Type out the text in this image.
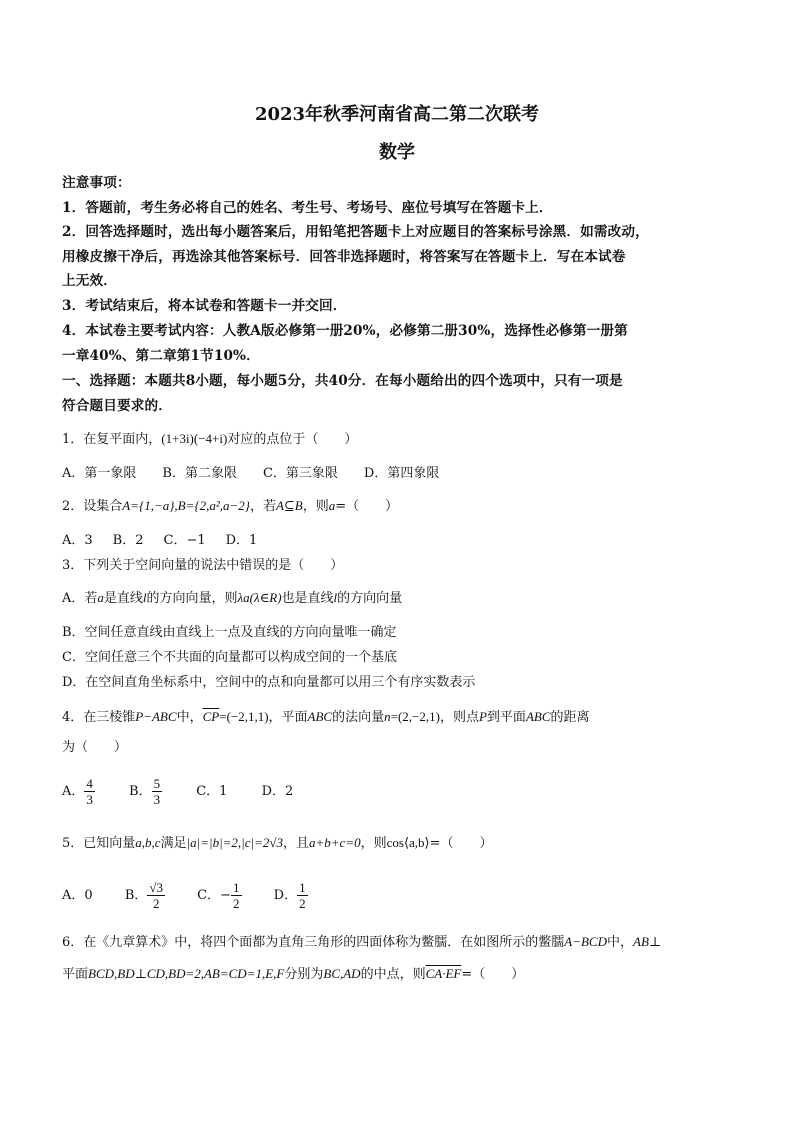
2023年秋季河南省高二第二次联考
数学
注意事项：
1．答题前，考生务必将自己的姓名、考生号、考场号、座位号填写在答题卡上．
2．回答选择题时，选出每小题答案后，用铅笔把答题卡上对应题目的答案标号涂黑．如需改动，
用橡皮擦干净后，再选涂其他答案标号．回答非选择题时，将答案写在答题卡上．写在本试卷
上无效．
3．考试结束后，将本试卷和答题卡一并交回．
4．本试卷主要考试内容：人教A版必修第一册20%，必修第二册30%，选择性必修第一册第
一章40%、第二章第1节10%．
一、选择题：本题共8小题，每小题5分，共40分．在每小题给出的四个选项中，只有一项是
符合题目要求的．
1．在复平面内，(1+3i)(−4+i)对应的点位于（　　）
A．第一象限 B．第二象限 C．第三象限 D．第四象限
2．设集合A={1,−a},B={2,a²,a−2}，若A⊆B，则a=（　　）
A．3 B．2 C．−1 D．1
3．下列关于空间向量的说法中错误的是（　　）
A．若a是直线l的方向向量，则λa(λ∈R)也是直线l的方向向量
B．空间任意直线由直线上一点及直线的方向向量唯一确定
C．空间任意三个不共面的向量都可以构成空间的一个基底
D．在空间直角坐标系中，空间中的点和向量都可以用三个有序实数表示
4．在三棱锥P−ABC中，$\overline{CP}=(-2,1,1)$，平面ABC的法向量n=(2,−2,1)，则点P到平面ABC的距离
为（　　）
A． $\frac{4}{3}$	B． $\frac{5}{3}$	C．1	D．2
5．已知向量a,b,c满足|a|=|b|=2,|c|=2√3，且a+b+c=0，则cos⟨a,b⟩=（　　）
A．0 B． $\frac{√3}{2}$ C．− $\frac{1}{2}$ D． $\frac{1}{2}$
6．在《九章算术》中，将四个面都为直角三角形的四面体称为鳖臑．在如图所示的鳖臑A−BCD中，AB⊥
平面BCD,BD⊥CD,BD=2,AB=CD=1,E,F分别为BC,AD的中点，则CA·EF=（　　）
